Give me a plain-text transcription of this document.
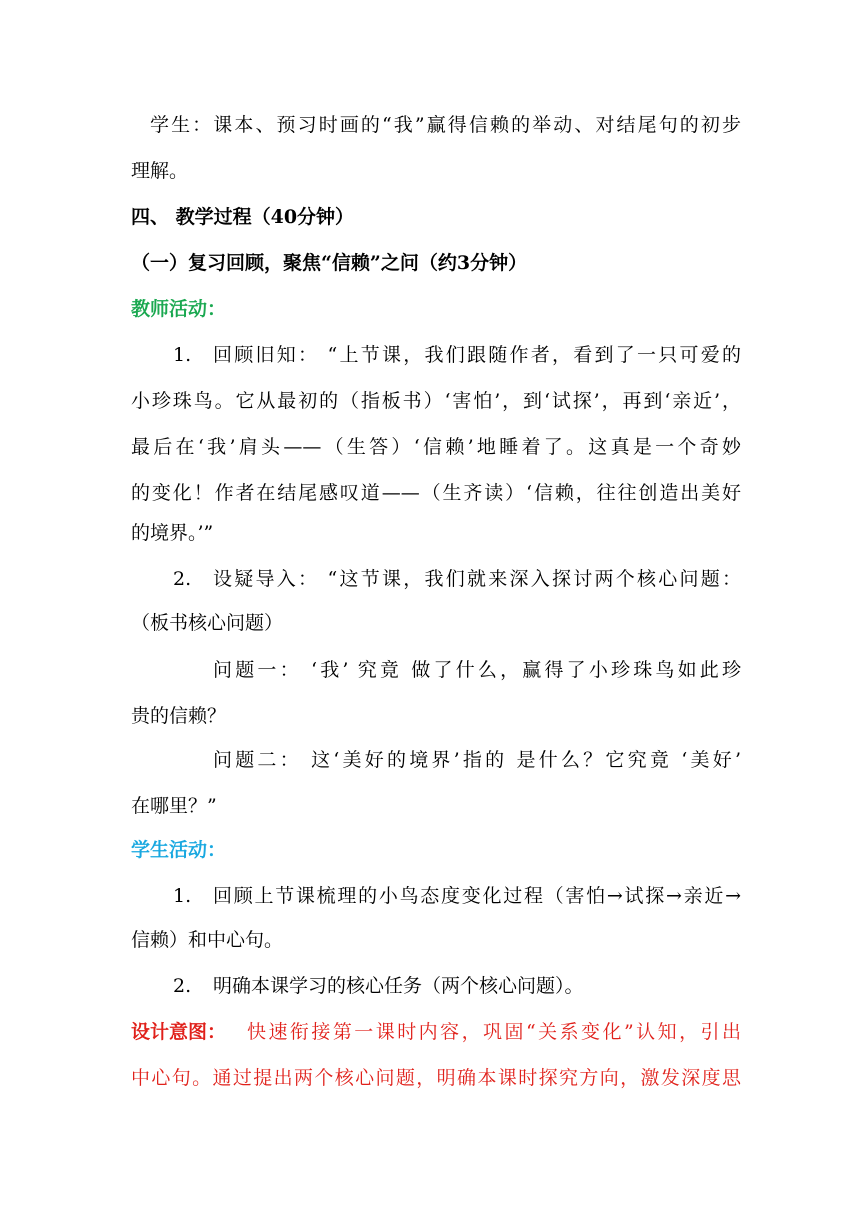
学生：课本、预习时画的“我”赢得信赖的举动、对结尾句的初步
理解。
四、 教学过程（40分钟）
（一）复习回顾，聚焦“信赖”之问（约3分钟）
教师活动：
1.	回顾旧知： “上节课，我们跟随作者，看到了一只可爱的
小珍珠鸟。它从最初的（指板书）‘害怕’，到‘试探’，再到‘亲近’，
最后在‘我’肩头——（生答）‘信赖’地睡着了。这真是一个奇妙
的变化！作者在结尾感叹道——（生齐读）‘信赖，往往创造出美好
的境界。’”
2.	设疑导入： “这节课，我们就来深入探讨两个核心问题：
（板书核心问题）
问题一： ‘我’ 究竟 做了什么，赢得了小珍珠鸟如此珍
贵的信赖？
问题二： 这‘美好的境界’指的 是什么？它究竟 ‘美好’
在哪里？”
学生活动：
1.	回顾上节课梳理的小鸟态度变化过程（害怕→试探→亲近→
信赖）和中心句。
2.	明确本课学习的核心任务（两个核心问题）。
设计意图：	快速衔接第一课时内容，巩固“关系变化”认知，引出
中心句。通过提出两个核心问题，明确本课时探究方向，激发深度思
